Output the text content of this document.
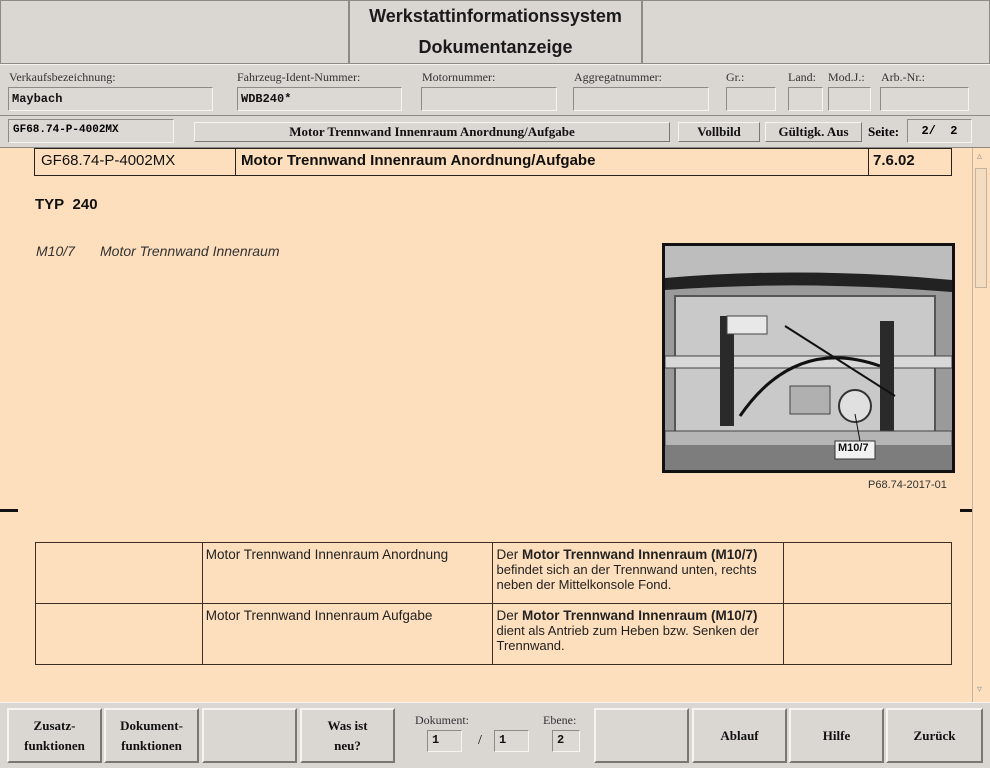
Werkstattinformationssystem
Dokumentanzeige
Verkaufsbezeichnung:
Maybach
Fahrzeug-Ident-Nummer:
WDB240*
Motornummer:	Aggregatnummer:	Gr.:	Land: Mod.J.: Arb.-Nr.:
GF68.74-P-4002MX	Motor Trennwand Innenraum Anordnung/Aufgabe	Vollbild	Gültigk. Aus	Seite:	2/  2
GF68.74-P-4002MX	Motor Trennwand Innenraum Anordnung/Aufgabe	7.6.02
TYP 240
M10/7 Motor Trennwand Innenraum
M10/7
P68.74-2017-01
	Motor Trennwand Innenraum Anordnung	Der Motor Trennwand Innenraum (M10/7)
befindet sich an der Trennwand unten, rechts neben der Mittelkonsole Fond.	
	Motor Trennwand Innenraum Aufgabe	Der Motor Trennwand Innenraum (M10/7)
dient als Antrieb zum Heben bzw. Senken der Trennwand.	
▵
▿
Zusatz-
funktionen
Dokument-
funktionen
Was ist
neu?
Dokument:
1	/	1
Ebene:
2	Ablauf	Hilfe	Zurück
